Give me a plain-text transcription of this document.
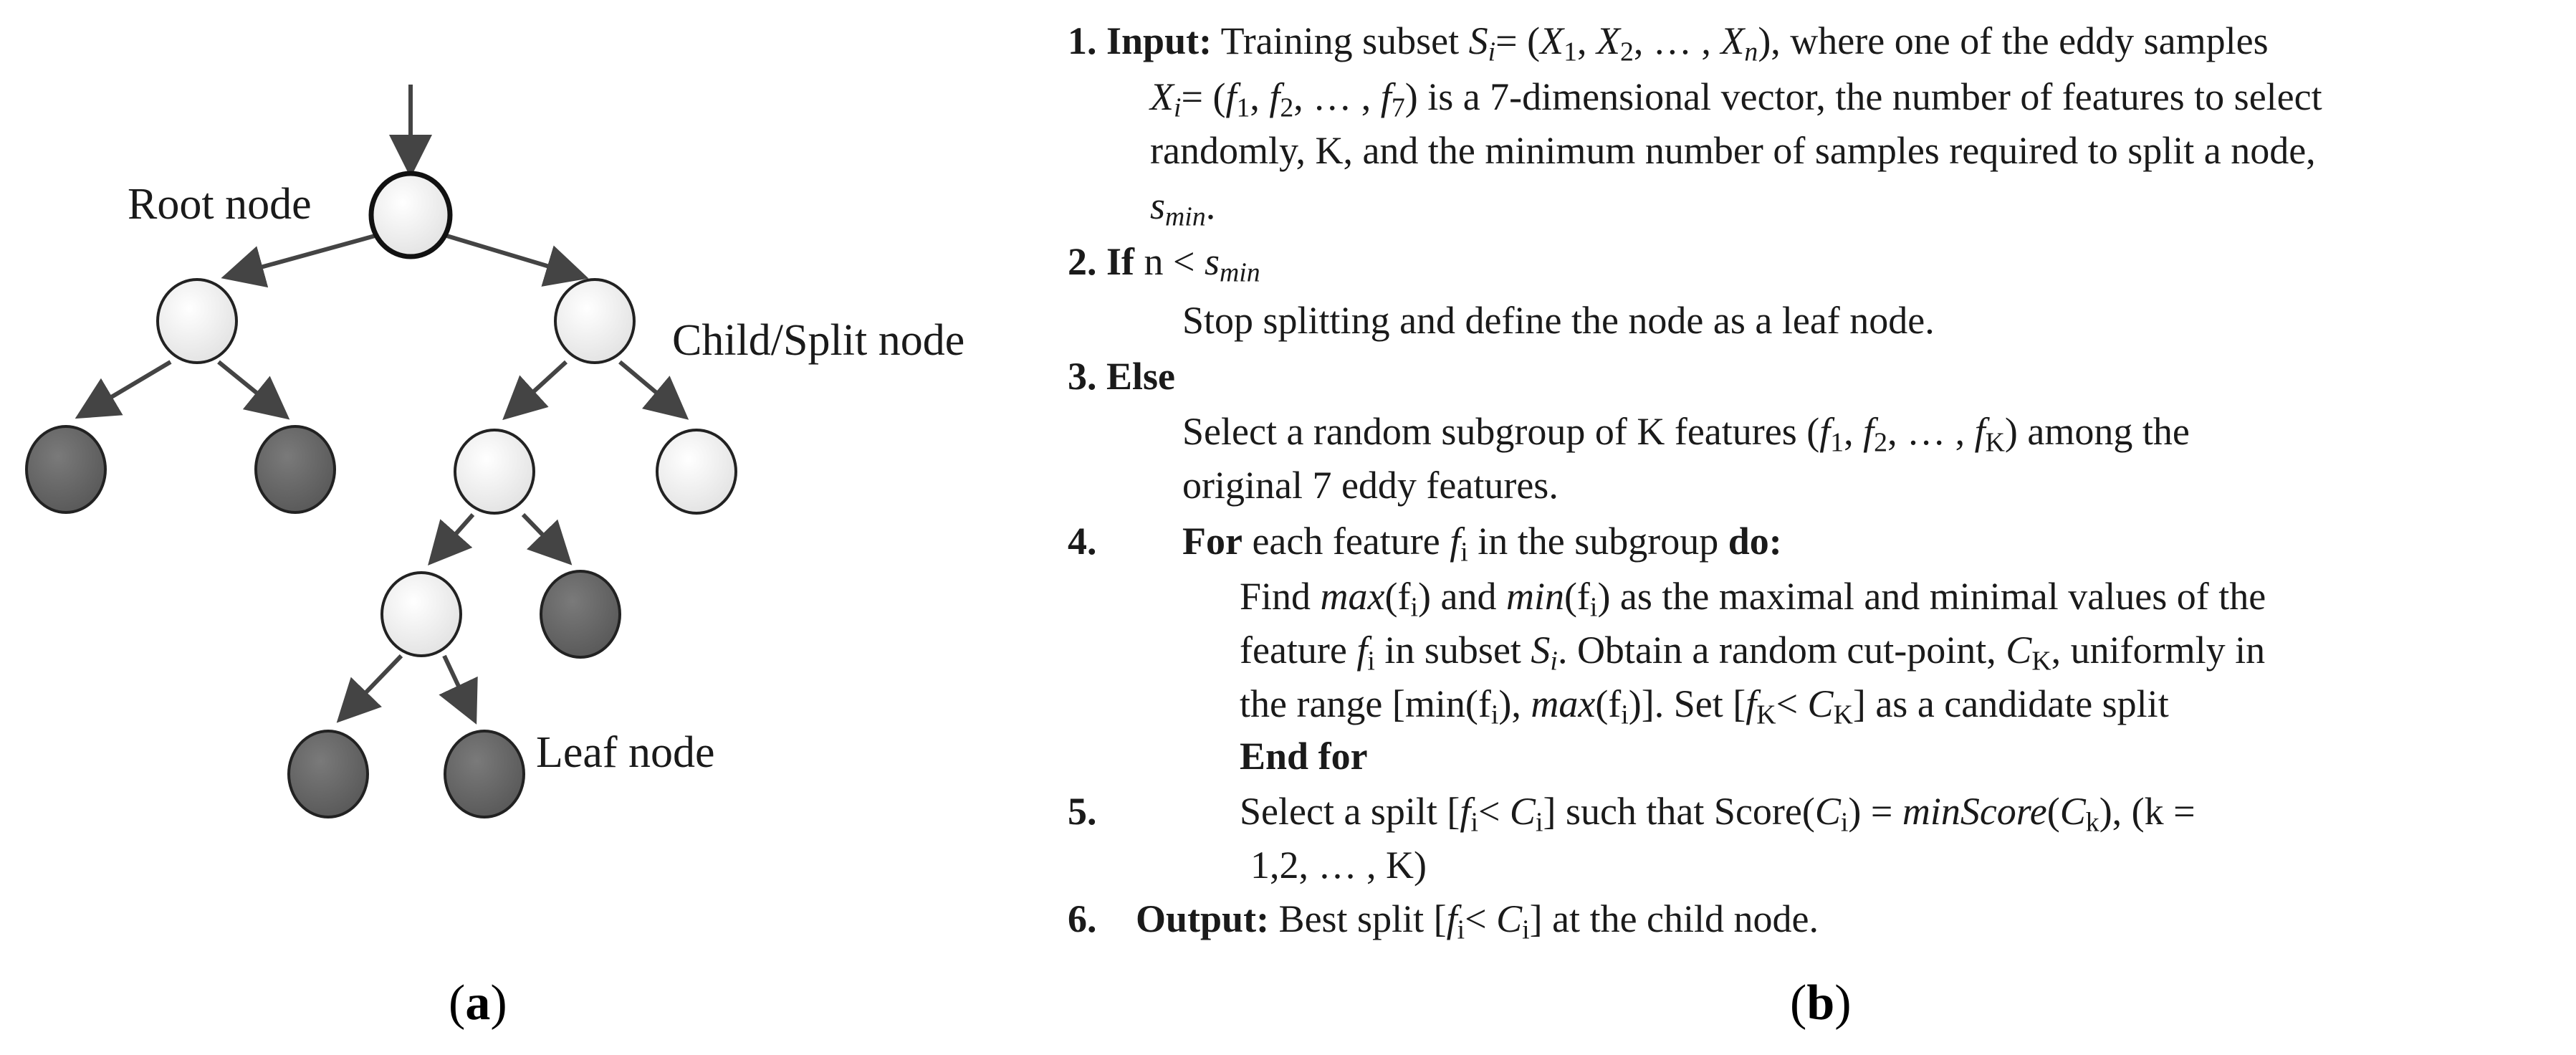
Root node
Child/Split node
Leaf node
(a)
1. Input: Training subset $S_i= (X_1$, $X_2$, … , $X_n$), where one of the eddy samples
$X_i= (f_1$, $f_2$, … , $f_7$) is a 7-dimensional vector, the number of features to select
randomly, K, and the minimum number of samples required to split a node,
$s_{min}$.
2. If $n < s_{min}$
Stop splitting and define the node as a leaf node.
3. Else
Select a random subgroup of K features ($f_1$, $f_2$, … , $f_K$) among the
original 7 eddy features.
4. For each feature $f_i$ in the subgroup do:
Find $\max(f_i)$ and $\min(f_i)$ as the maximal and minimal values of the
feature $f_i$ in subset $S_i$. Obtain a random cut-point, $C_K$, uniformly in
the range [$\min(f_i)$, $\max(f_i)$]. Set $[f_K< C_K]$ as a candidate split
End for
5.	Select a spilt $[f_i< C_i]$ such that $Score(C_i)$ = $minScore(C_k)$, (k =
1,2, … , K)
6. Output: Best split $[f_i< C_i]$ at the child node.
(b)
